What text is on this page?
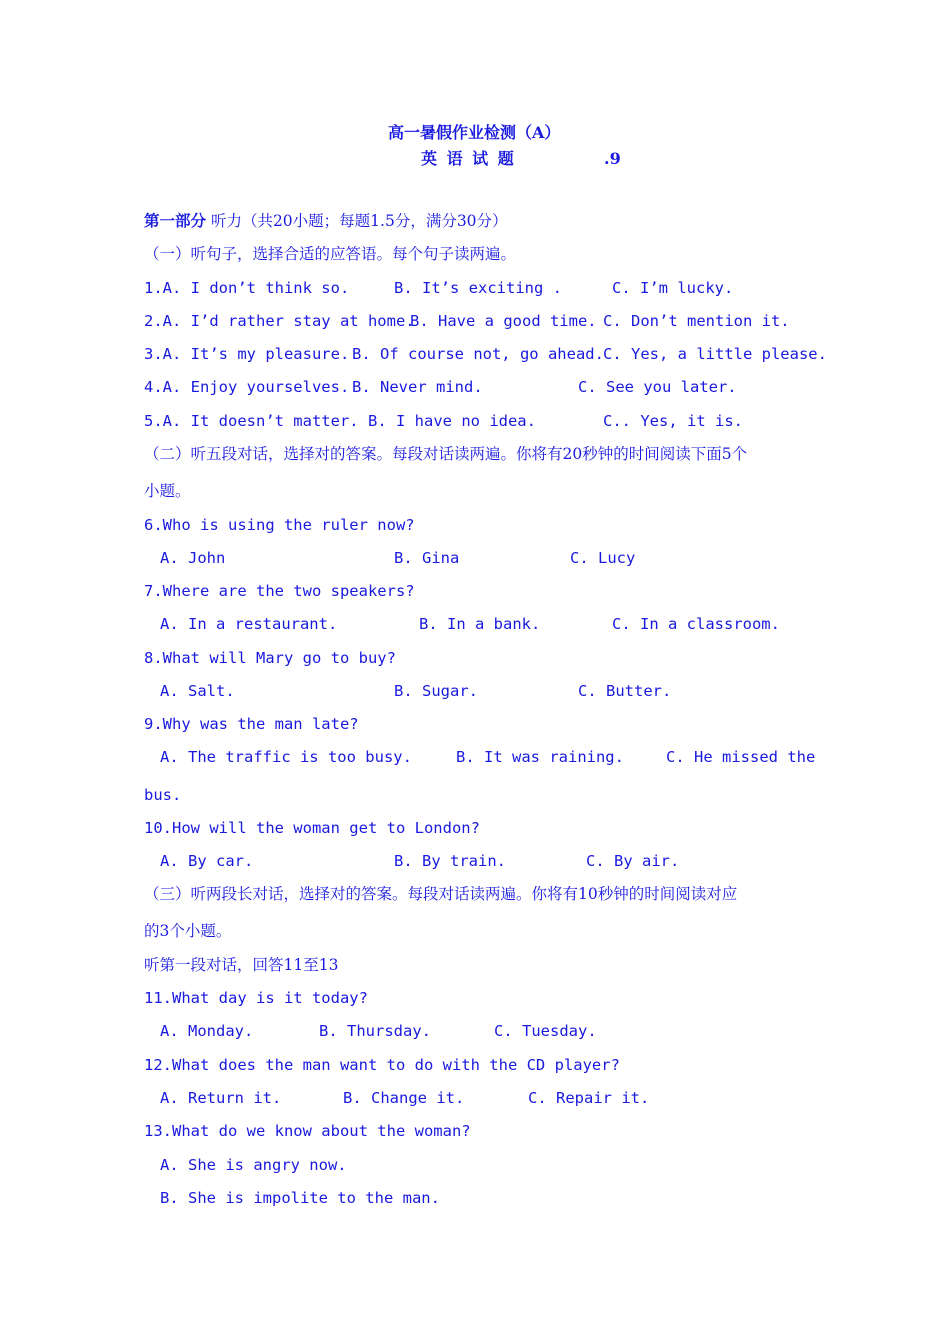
高一暑假作业检测（A）
英 语 试 题	.9
第一部分 听力（共20小题；每题1.5分，满分30分）
（一）听句子，选择合适的应答语。每个句子读两遍。
1.A. I don’t think so.	B. It’s exciting .	C. I’m lucky.
2.A. I’d rather stay at home.
B. Have a good time. C. Don’t mention it.
3.A. It’s my pleasure. B. Of course not, go ahead. C. Yes, a little please.
4.A. Enjoy yourselves. B. Never mind.	C. See you later.
5.A. It doesn’t matter. B. I have no idea.	C.. Yes, it is.
（二）听五段对话，选择对的答案。每段对话读两遍。你将有20秒钟的时间阅读下面5个
小题。
6.Who is using the ruler now?
A. John	B. Gina	C. Lucy
7.Where are the two speakers?
A. In a restaurant.	B. In a bank.	C. In a classroom.
8.What will Mary go to buy?
A. Salt.	B. Sugar.	C. Butter.
9.Why was the man late?
A. The traffic is too busy.	B. It was raining.	C. He missed the
bus.
10.How will the woman get to London?
A. By car.	B. By train.	C. By air.
（三）听两段长对话，选择对的答案。每段对话读两遍。你将有10秒钟的时间阅读对应
的3个小题。
听第一段对话，回答11至13
11.What day is it today?
A. Monday.	B. Thursday.	C. Tuesday.
12.What does the man want to do with the CD player?
A. Return it.	B. Change it.	C. Repair it.
13.What do we know about the woman?
A. She is angry now.
B. She is impolite to the man.
